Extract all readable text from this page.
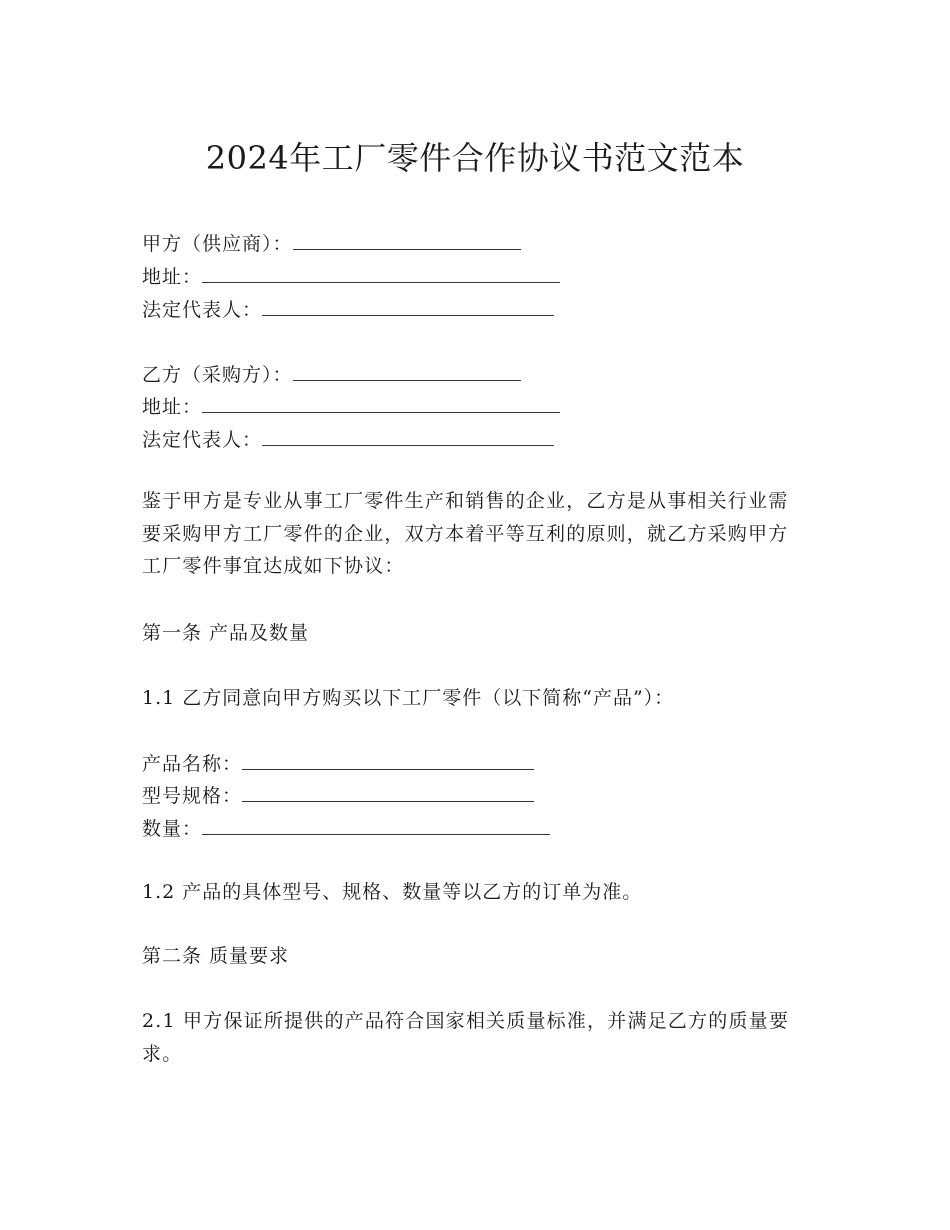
2024年工厂零件合作协议书范文范本
甲方（供应商）：
地址：
法定代表人：
乙方（采购方）：
地址：
法定代表人：
鉴于甲方是专业从事工厂零件生产和销售的企业，乙方是从事相关行业需要采购甲方工厂零件的企业，双方本着平等互利的原则，就乙方采购甲方工厂零件事宜达成如下协议：
第一条 产品及数量
1.1 乙方同意向甲方购买以下工厂零件（以下简称“产品”）：
产品名称：
型号规格：
数量：
1.2 产品的具体型号、规格、数量等以乙方的订单为准。
第二条 质量要求
2.1 甲方保证所提供的产品符合国家相关质量标准，并满足乙方的质量要求。
